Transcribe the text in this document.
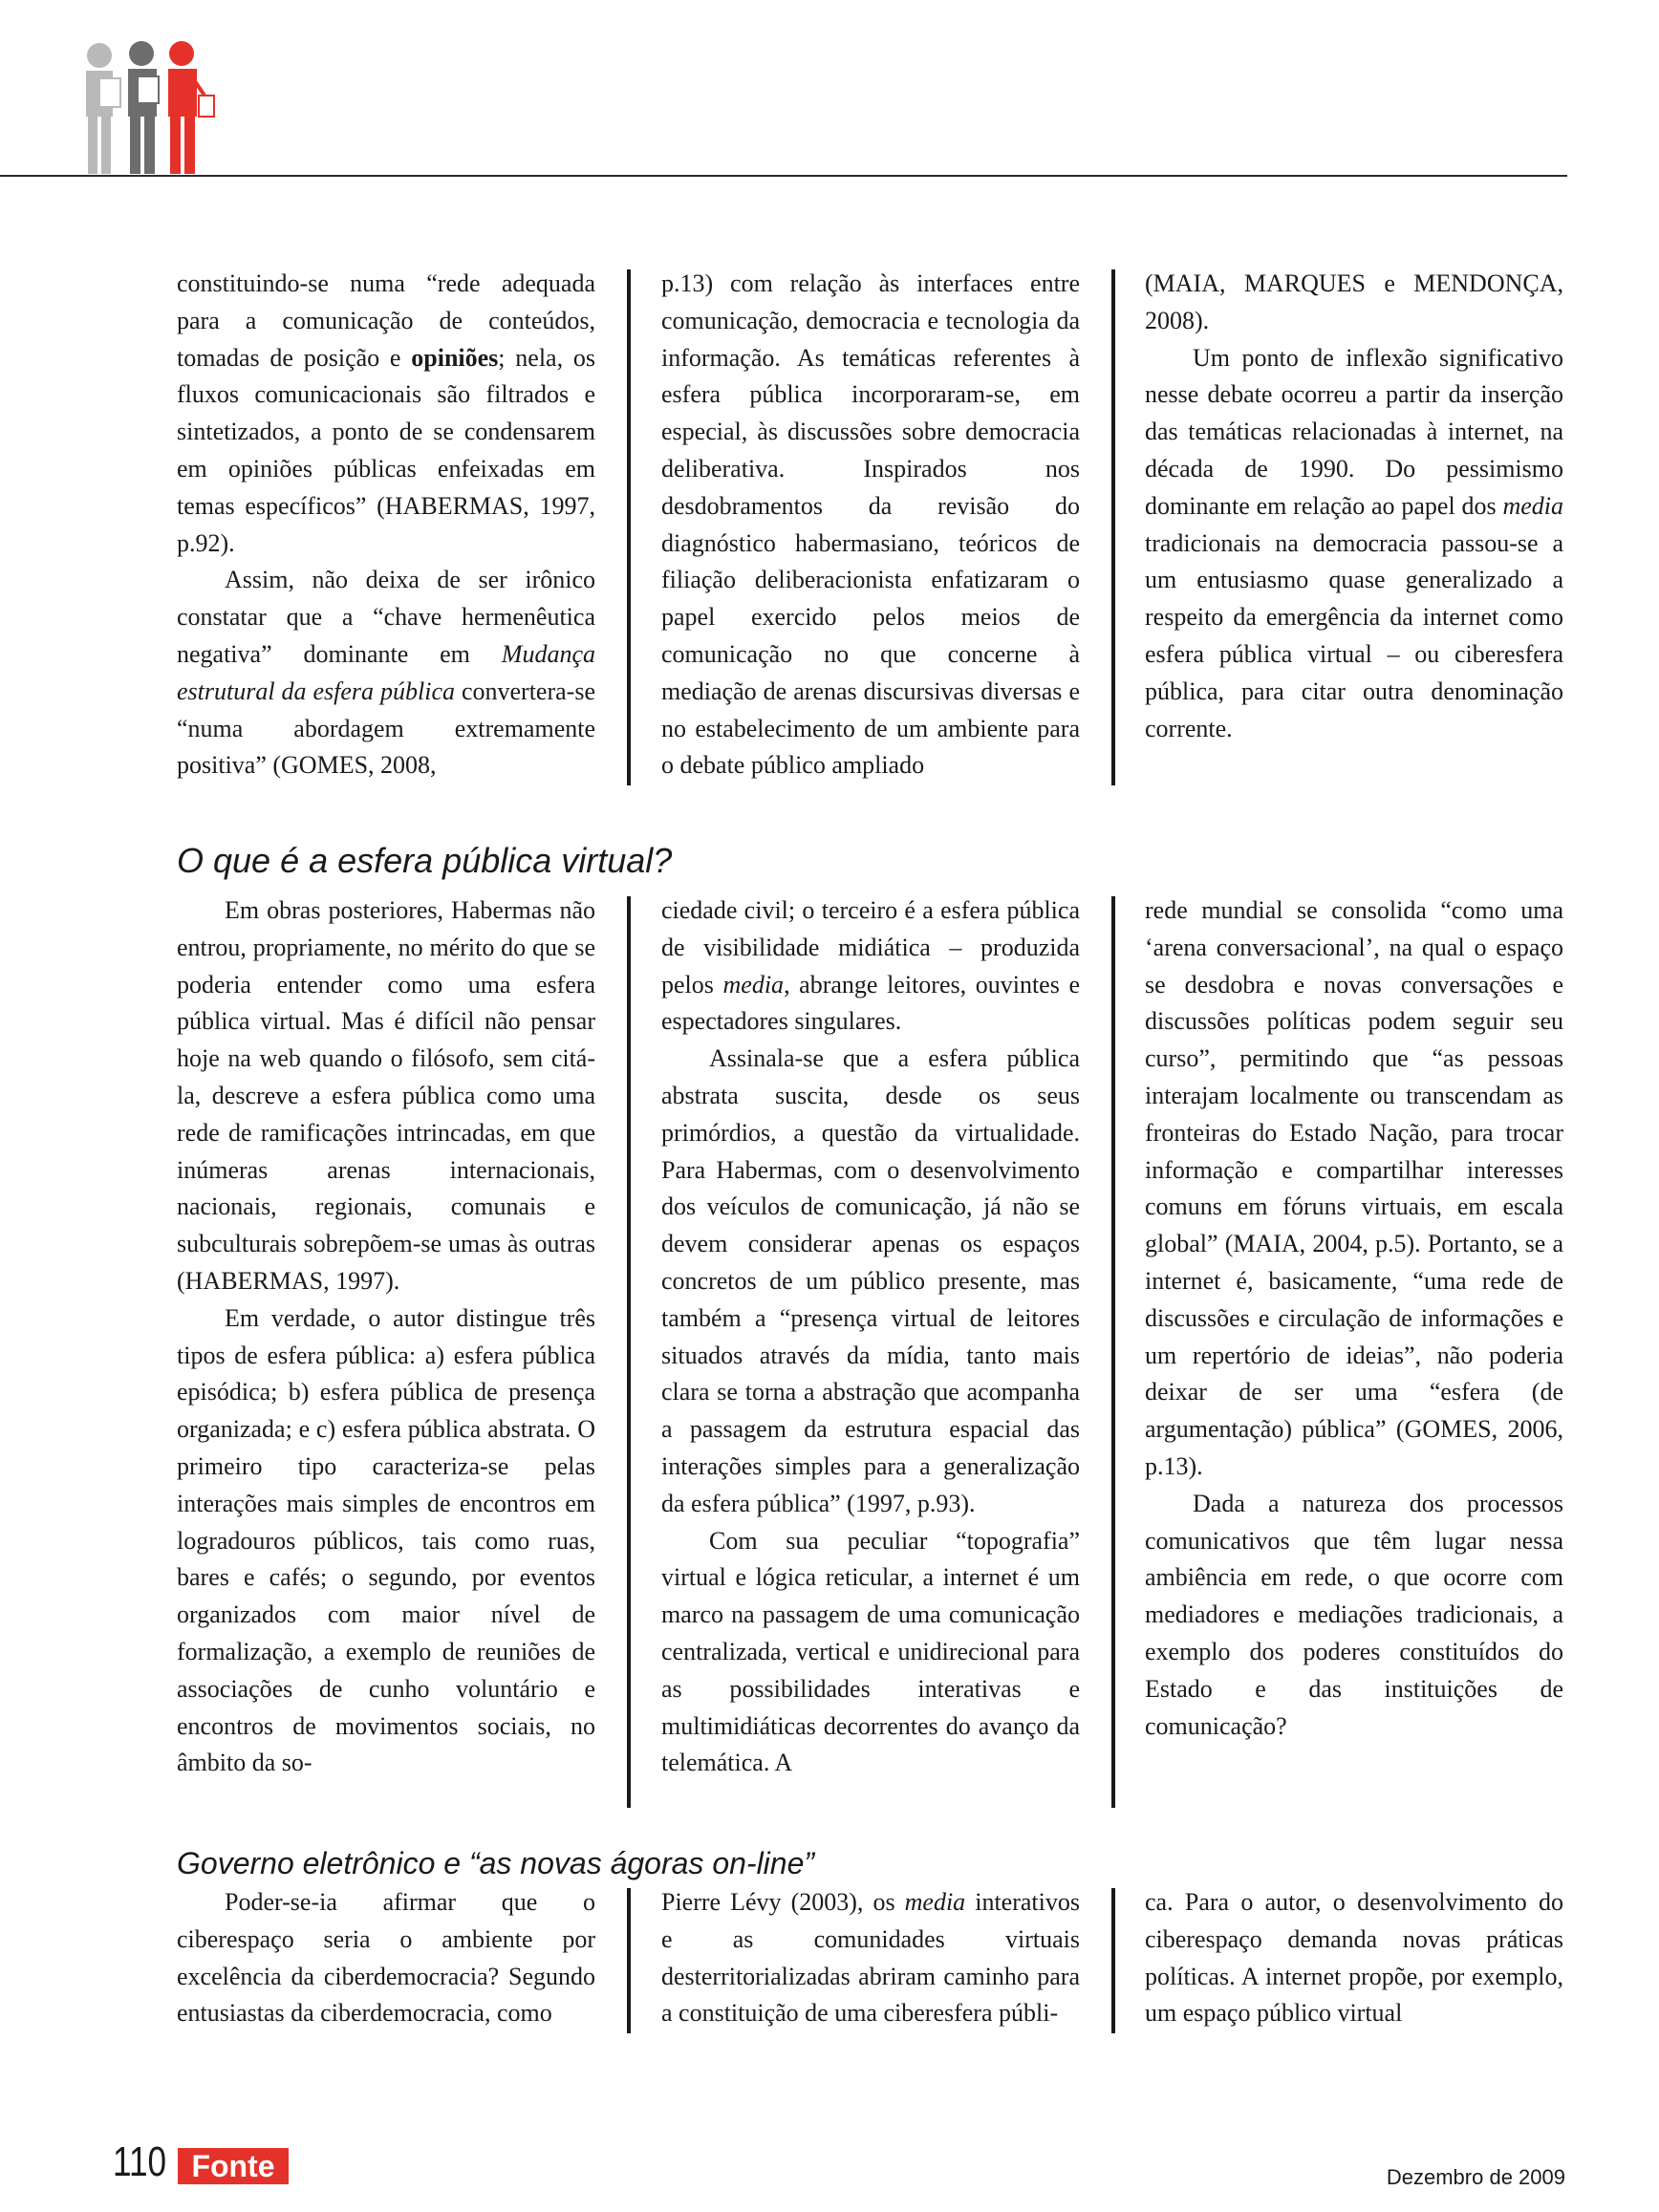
constituindo-se numa “rede adequada para a comunicação de conteúdos, tomadas de posição e opiniões; nela, os fluxos comunicacionais são filtrados e sintetizados, a ponto de se condensarem em opiniões públicas enfeixadas em temas específicos” (HABERMAS, 1997, p.92).

Assim, não deixa de ser irônico constatar que a “chave hermenêutica negativa” dominante em Mudança estrutural da esfera pública convertera-se “numa abordagem extremamente positiva” (GOMES, 2008,

p.13) com relação às interfaces entre comunicação, democracia e tecnologia da informação. As temáticas referentes à esfera pública incorporaram-se, em especial, às discussões sobre democracia deliberativa. Inspirados nos desdobramentos da revisão do diagnóstico habermasiano, teóricos de filiação deliberacionista enfatizaram o papel exercido pelos meios de comunicação no que concerne à mediação de arenas discursivas diversas e no estabelecimento de um ambiente para o debate público ampliado

(MAIA, MARQUES e MENDONÇA, 2008).

Um ponto de inflexão significativo nesse debate ocorreu a partir da inserção das temáticas relacionadas à internet, na década de 1990. Do pessimismo dominante em relação ao papel dos media tradicionais na democracia passou-se a um entusiasmo quase generalizado a respeito da emergência da internet como esfera pública virtual – ou ciberesfera pública, para citar outra denominação corrente.

O que é a esfera pública virtual?

Em obras posteriores, Habermas não entrou, propriamente, no mérito do que se poderia entender como uma esfera pública virtual. Mas é difícil não pensar hoje na web quando o filósofo, sem citá-la, descreve a esfera pública como uma rede de ramificações intrincadas, em que inúmeras arenas internacionais, nacionais, regionais, comunais e subculturais sobrepõem-se umas às outras (HABERMAS, 1997).

Em verdade, o autor distingue três tipos de esfera pública: a) esfera pública episódica; b) esfera pública de presença organizada; e c) esfera pública abstrata. O primeiro tipo caracteriza-se pelas interações mais simples de encontros em logradouros públicos, tais como ruas, bares e cafés; o segundo, por eventos organizados com maior nível de formalização, a exemplo de reuniões de associações de cunho voluntário e encontros de movimentos sociais, no âmbito da so-

ciedade civil; o terceiro é a esfera pública de visibilidade midiática – produzida pelos media, abrange leitores, ouvintes e espectadores singulares.

Assinala-se que a esfera pública abstrata suscita, desde os seus primórdios, a questão da virtualidade. Para Habermas, com o desenvolvimento dos veículos de comunicação, já não se devem considerar apenas os espaços concretos de um público presente, mas também a “presença virtual de leitores situados através da mídia, tanto mais clara se torna a abstração que acompanha a passagem da estrutura espacial das interações simples para a generalização da esfera pública” (1997, p.93).

Com sua peculiar “topografia” virtual e lógica reticular, a internet é um marco na passagem de uma comunicação centralizada, vertical e unidirecional para as possibilidades interativas e multimidiáticas decorrentes do avanço da telemática. A

rede mundial se consolida “como uma ‘arena conversacional’, na qual o espaço se desdobra e novas conversações e discussões políticas podem seguir seu curso”, permitindo que “as pessoas interajam localmente ou transcendam as fronteiras do Estado Nação, para trocar informação e compartilhar interesses comuns em fóruns virtuais, em escala global” (MAIA, 2004, p.5). Portanto, se a internet é, basicamente, “uma rede de discussões e circulação de informações e um repertório de ideias”, não poderia deixar de ser uma “esfera (de argumentação) pública” (GOMES, 2006, p.13).

Dada a natureza dos processos comunicativos que têm lugar nessa ambiência em rede, o que ocorre com mediadores e mediações tradicionais, a exemplo dos poderes constituídos do Estado e das instituições de comunicação?

Governo eletrônico e “as novas ágoras on-line”

Poder-se-ia afirmar que o ciberespaço seria o ambiente por excelência da ciberdemocracia? Segundo entusiastas da ciberdemocracia, como

Pierre Lévy (2003), os media interativos e as comunidades virtuais desterritorializadas abriram caminho para a constituição de uma ciberesfera públi-

ca. Para o autor, o desenvolvimento do ciberespaço demanda novas práticas políticas. A internet propõe, por exemplo, um espaço público virtual

110 Fonte	Dezembro de 2009
